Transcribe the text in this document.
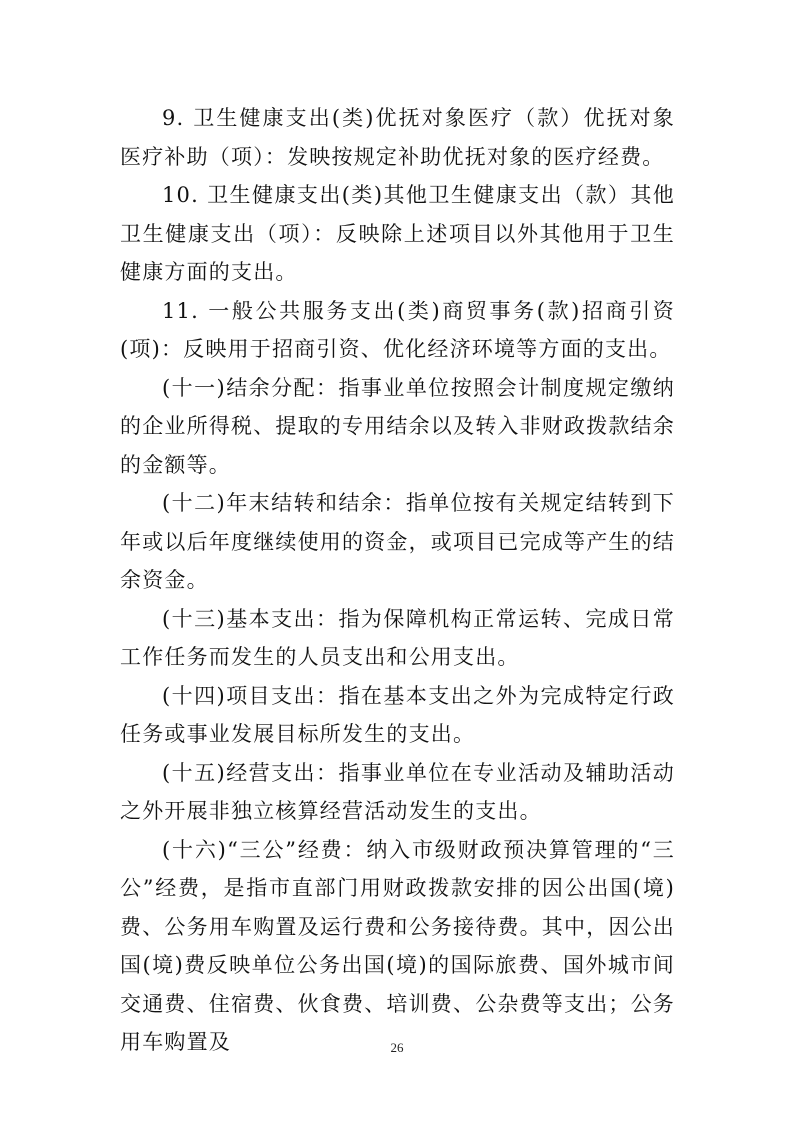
9. 卫生健康支出(类)优抚对象医疗（款）优抚对象医疗补助（项）：发映按规定补助优抚对象的医疗经费。

10. 卫生健康支出(类)其他卫生健康支出（款）其他卫生健康支出（项）：反映除上述项目以外其他用于卫生健康方面的支出。

11. 一般公共服务支出(类)商贸事务(款)招商引资(项)：反映用于招商引资、优化经济环境等方面的支出。

(十一)结余分配：指事业单位按照会计制度规定缴纳的企业所得税、提取的专用结余以及转入非财政拨款结余的金额等。

(十二)年末结转和结余：指单位按有关规定结转到下年或以后年度继续使用的资金，或项目已完成等产生的结余资金。

(十三)基本支出：指为保障机构正常运转、完成日常工作任务而发生的人员支出和公用支出。

(十四)项目支出：指在基本支出之外为完成特定行政任务或事业发展目标所发生的支出。

(十五)经营支出：指事业单位在专业活动及辅助活动之外开展非独立核算经营活动发生的支出。

(十六)“三公”经费：纳入市级财政预决算管理的“三公”经费，是指市直部门用财政拨款安排的因公出国(境)费、公务用车购置及运行费和公务接待费。其中，因公出国(境)费反映单位公务出国(境)的国际旅费、国外城市间交通费、住宿费、伙食费、培训费、公杂费等支出；公务用车购置及	26
